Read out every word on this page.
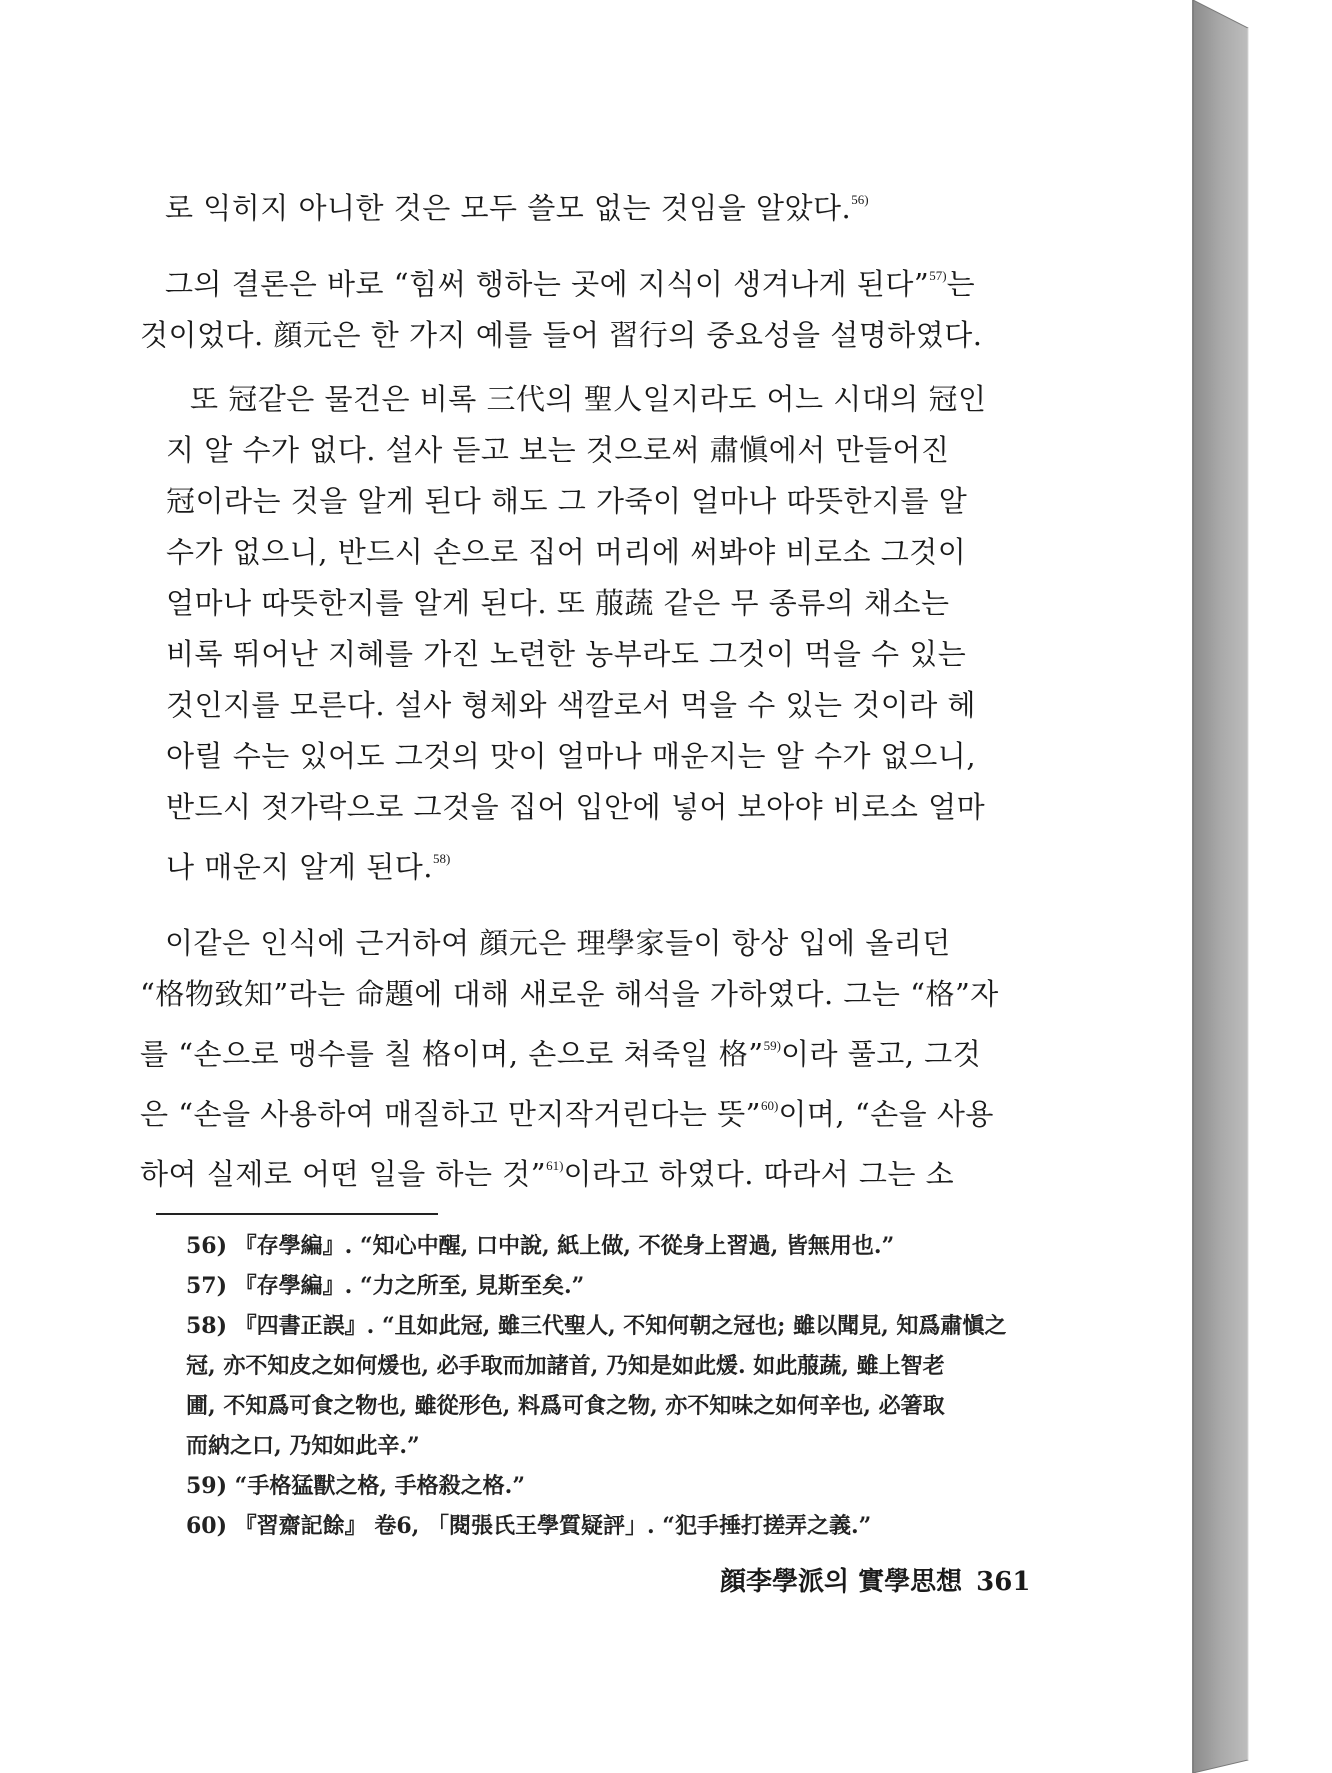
로 익히지 아니한 것은 모두 쓸모 없는 것임을 알았다.$^{56)}$

그의 결론은 바로 “힘써 행하는 곳에 지식이 생겨나게 된다”$^{57)}$는
것이었다. 顔元은 한 가지 예를 들어 習行의 중요성을 설명하였다.

또 冠같은 물건은 비록 三代의 聖人일지라도 어느 시대의 冠인
지 알 수가 없다. 설사 듣고 보는 것으로써 肅愼에서 만들어진
冠이라는 것을 알게 된다 해도 그 가죽이 얼마나 따뜻한지를 알
수가 없으니, 반드시 손으로 집어 머리에 써봐야 비로소 그것이
얼마나 따뜻한지를 알게 된다. 또 菔蔬 같은 무 종류의 채소는
비록 뛰어난 지혜를 가진 노련한 농부라도 그것이 먹을 수 있는
것인지를 모른다. 설사 형체와 색깔로서 먹을 수 있는 것이라 헤
아릴 수는 있어도 그것의 맛이 얼마나 매운지는 알 수가 없으니,
반드시 젓가락으로 그것을 집어 입안에 넣어 보아야 비로소 얼마
나 매운지 알게 된다.$^{58)}$

이같은 인식에 근거하여 顔元은 理學家들이 항상 입에 올리던
“格物致知”라는 命題에 대해 새로운 해석을 가하였다. 그는 “格”자
를 “손으로 맹수를 칠 格이며, 손으로 쳐죽일 格”$^{59)}$이라 풀고, 그것
은 “손을 사용하여 매질하고 만지작거린다는 뜻”$^{60)}$이며, “손을 사용
하여 실제로 어떤 일을 하는 것”$^{61)}$이라고 하였다. 따라서 그는 소

56) 『存學編』. “知心中醒, 口中說, 紙上做, 不從身上習過, 皆無用也.”
57) 『存學編』. “力之所至, 見斯至矣.”
58) 『四書正誤』. “且如此冠, 雖三代聖人, 不知何朝之冠也; 雖以聞見, 知爲肅愼之
冠, 亦不知皮之如何煖也, 必手取而加諸首, 乃知是如此煖. 如此菔蔬, 雖上智老
圃, 不知爲可食之物也, 雖從形色, 料爲可食之物, 亦不知味之如何辛也, 必箸取
而納之口, 乃知如此辛.”
59) “手格猛獸之格, 手格殺之格.”
60) 『習齋記餘』 卷6, 「閱張氏王學質疑評」. “犯手捶打搓弄之義.”
顔李學派의 實學思想 361
